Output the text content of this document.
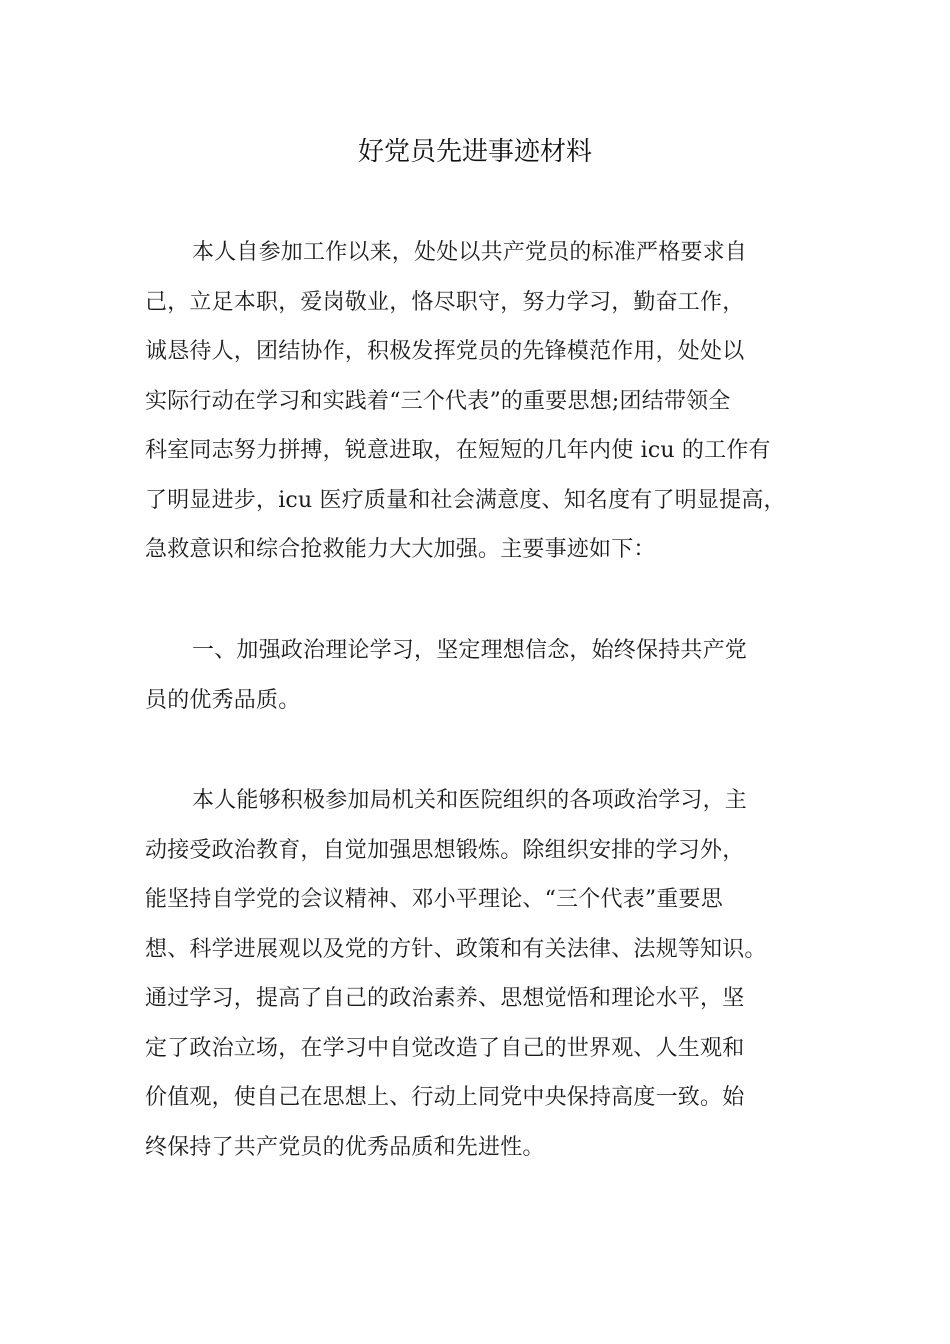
好党员先进事迹材料

本人自参加工作以来，处处以共产党员的标准严格要求自
己，立足本职，爱岗敬业，恪尽职守，努力学习，勤奋工作，
诚恳待人，团结协作，积极发挥党员的先锋模范作用，处处以
实际行动在学习和实践着“三个代表”的重要思想;团结带领全
科室同志努力拼搏，锐意进取，在短短的几年内使 icu 的工作有
了明显进步，icu 医疗质量和社会满意度、知名度有了明显提高，
急救意识和综合抢救能力大大加强。主要事迹如下：

一、加强政治理论学习，坚定理想信念，始终保持共产党
员的优秀品质。

本人能够积极参加局机关和医院组织的各项政治学习，主
动接受政治教育，自觉加强思想锻炼。除组织安排的学习外，
能坚持自学党的会议精神、邓小平理论、“三个代表”重要思
想、科学进展观以及党的方针、政策和有关法律、法规等知识。
通过学习，提高了自己的政治素养、思想觉悟和理论水平，坚
定了政治立场，在学习中自觉改造了自己的世界观、人生观和
价值观，使自己在思想上、行动上同党中央保持高度一致。始
终保持了共产党员的优秀品质和先进性。
